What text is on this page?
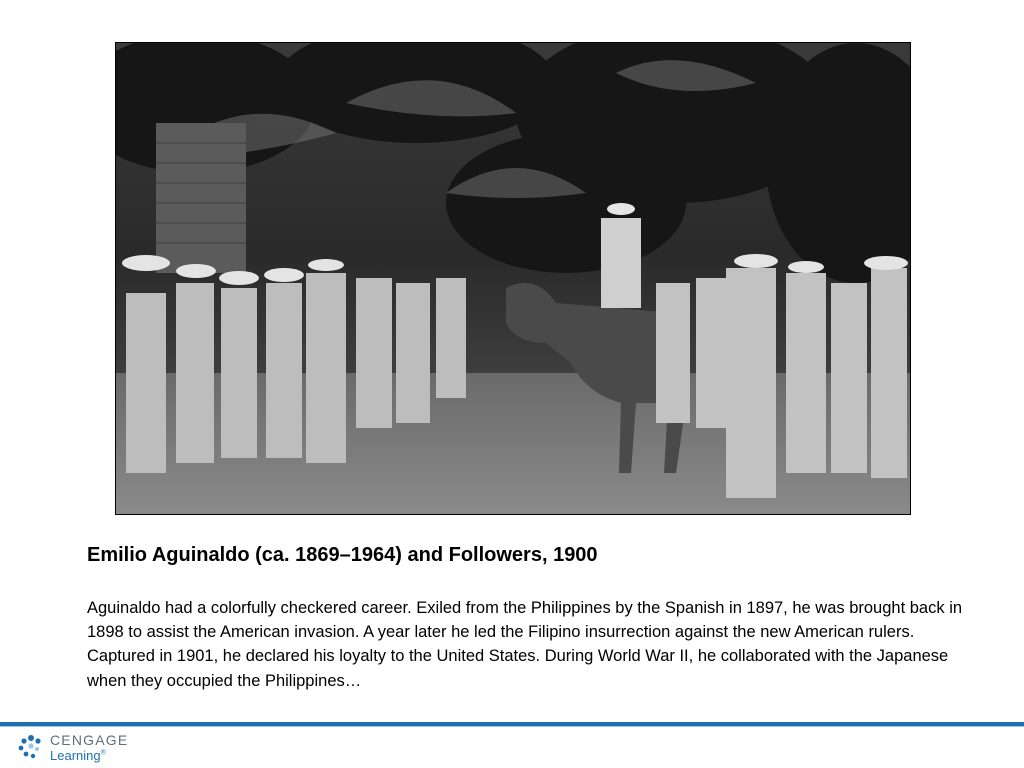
Emilio Aguinaldo (ca. 1869–1964) and Followers, 1900
Aguinaldo had a colorfully checkered career. Exiled from the Philippines by the Spanish in 1897, he was brought back in 1898 to assist the American invasion. A year later he led the Filipino insurrection against the new American rulers. Captured in 1901, he declared his loyalty to the United States. During World War II, he collaborated with the Japanese when they occupied the Philippines…
CENGAGE
Learning®
